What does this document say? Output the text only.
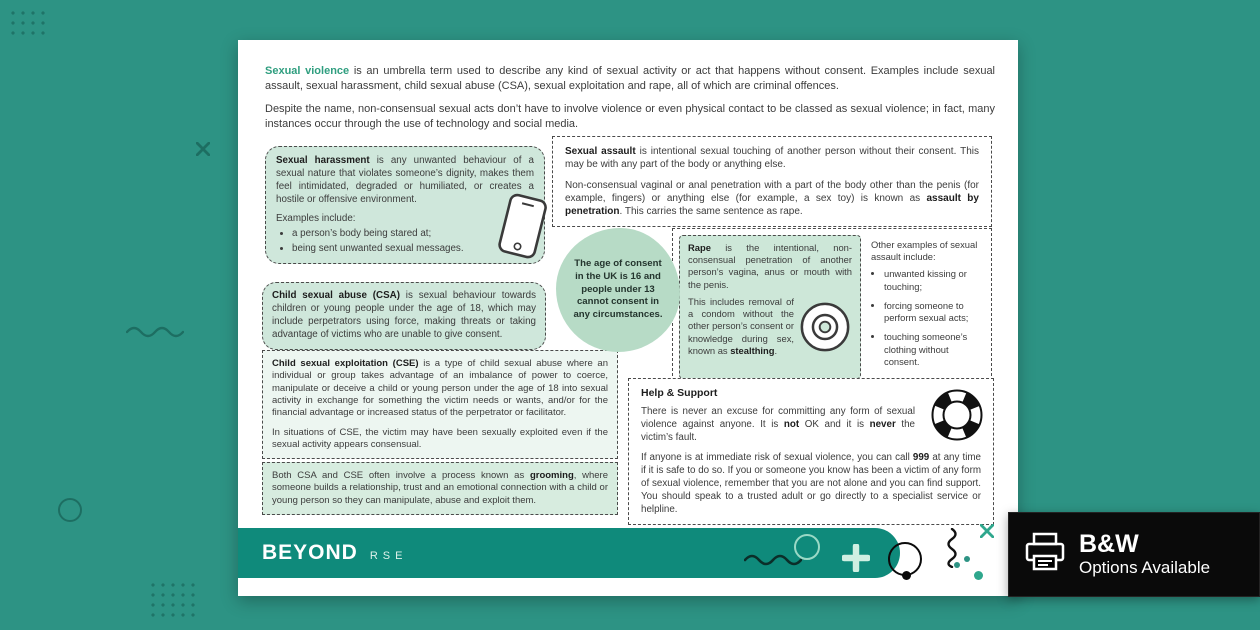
Sexual violence is an umbrella term used to describe any kind of sexual activity or act that happens without consent. Examples include sexual assault, sexual harassment, child sexual abuse (CSA), sexual exploitation and rape, all of which are criminal offences.

Despite the name, non-consensual sexual acts don’t have to involve violence or even physical contact to be classed as sexual violence; in fact, many instances occur through the use of technology and social media.

Sexual harassment is any unwanted behaviour of a sexual nature that violates someone’s dignity, makes them feel intimidated, degraded or humiliated, or creates a hostile or offensive environment.

Examples include:

• a person’s body being stared at;
• being sent unwanted sexual messages.

Sexual assault is intentional sexual touching of another person without their consent. This may be with any part of the body or anything else.

Non-consensual vaginal or anal penetration with a part of the body other than the penis (for example, fingers) or anything else (for example, a sex toy) is known as assault by penetration. This carries the same sentence as rape.

The age of consent in the UK is 16 and people under 13 cannot consent in any circumstances.

Rape is the intentional, non-consensual penetration of another person’s vagina, anus or mouth with the penis.

This includes removal of a condom without the other person’s consent or knowledge during sex, known as stealthing.

Other examples of sexual assault include:

• unwanted kissing or touching;
• forcing someone to perform sexual acts;
• touching someone’s clothing without consent.

Child sexual abuse (CSA) is sexual behaviour towards children or young people under the age of 18, which may include perpetrators using force, making threats or taking advantage of victims who are unable to give consent.

Child sexual exploitation (CSE) is a type of child sexual abuse where an individual or group takes advantage of an imbalance of power to coerce, manipulate or deceive a child or young person under the age of 18 into sexual activity in exchange for something the victim needs or wants, and/or for the financial advantage or increased status of the perpetrator or facilitator.

In situations of CSE, the victim may have been sexually exploited even if the sexual activity appears consensual.

Both CSA and CSE often involve a process known as grooming, where someone builds a relationship, trust and an emotional connection with a child or young person so they can manipulate, abuse and exploit them.

Help & Support

There is never an excuse for committing any form of sexual violence against anyone. It is not OK and it is never the victim’s fault.

If anyone is at immediate risk of sexual violence, you can call 999 at any time if it is safe to do so. If you or someone you know has been a victim of any form of sexual violence, remember that you are not alone and you can find support. You should speak to a trusted adult or go directly to a specialist service or helpline.

BEYOND RSE	B&W
Options Available
